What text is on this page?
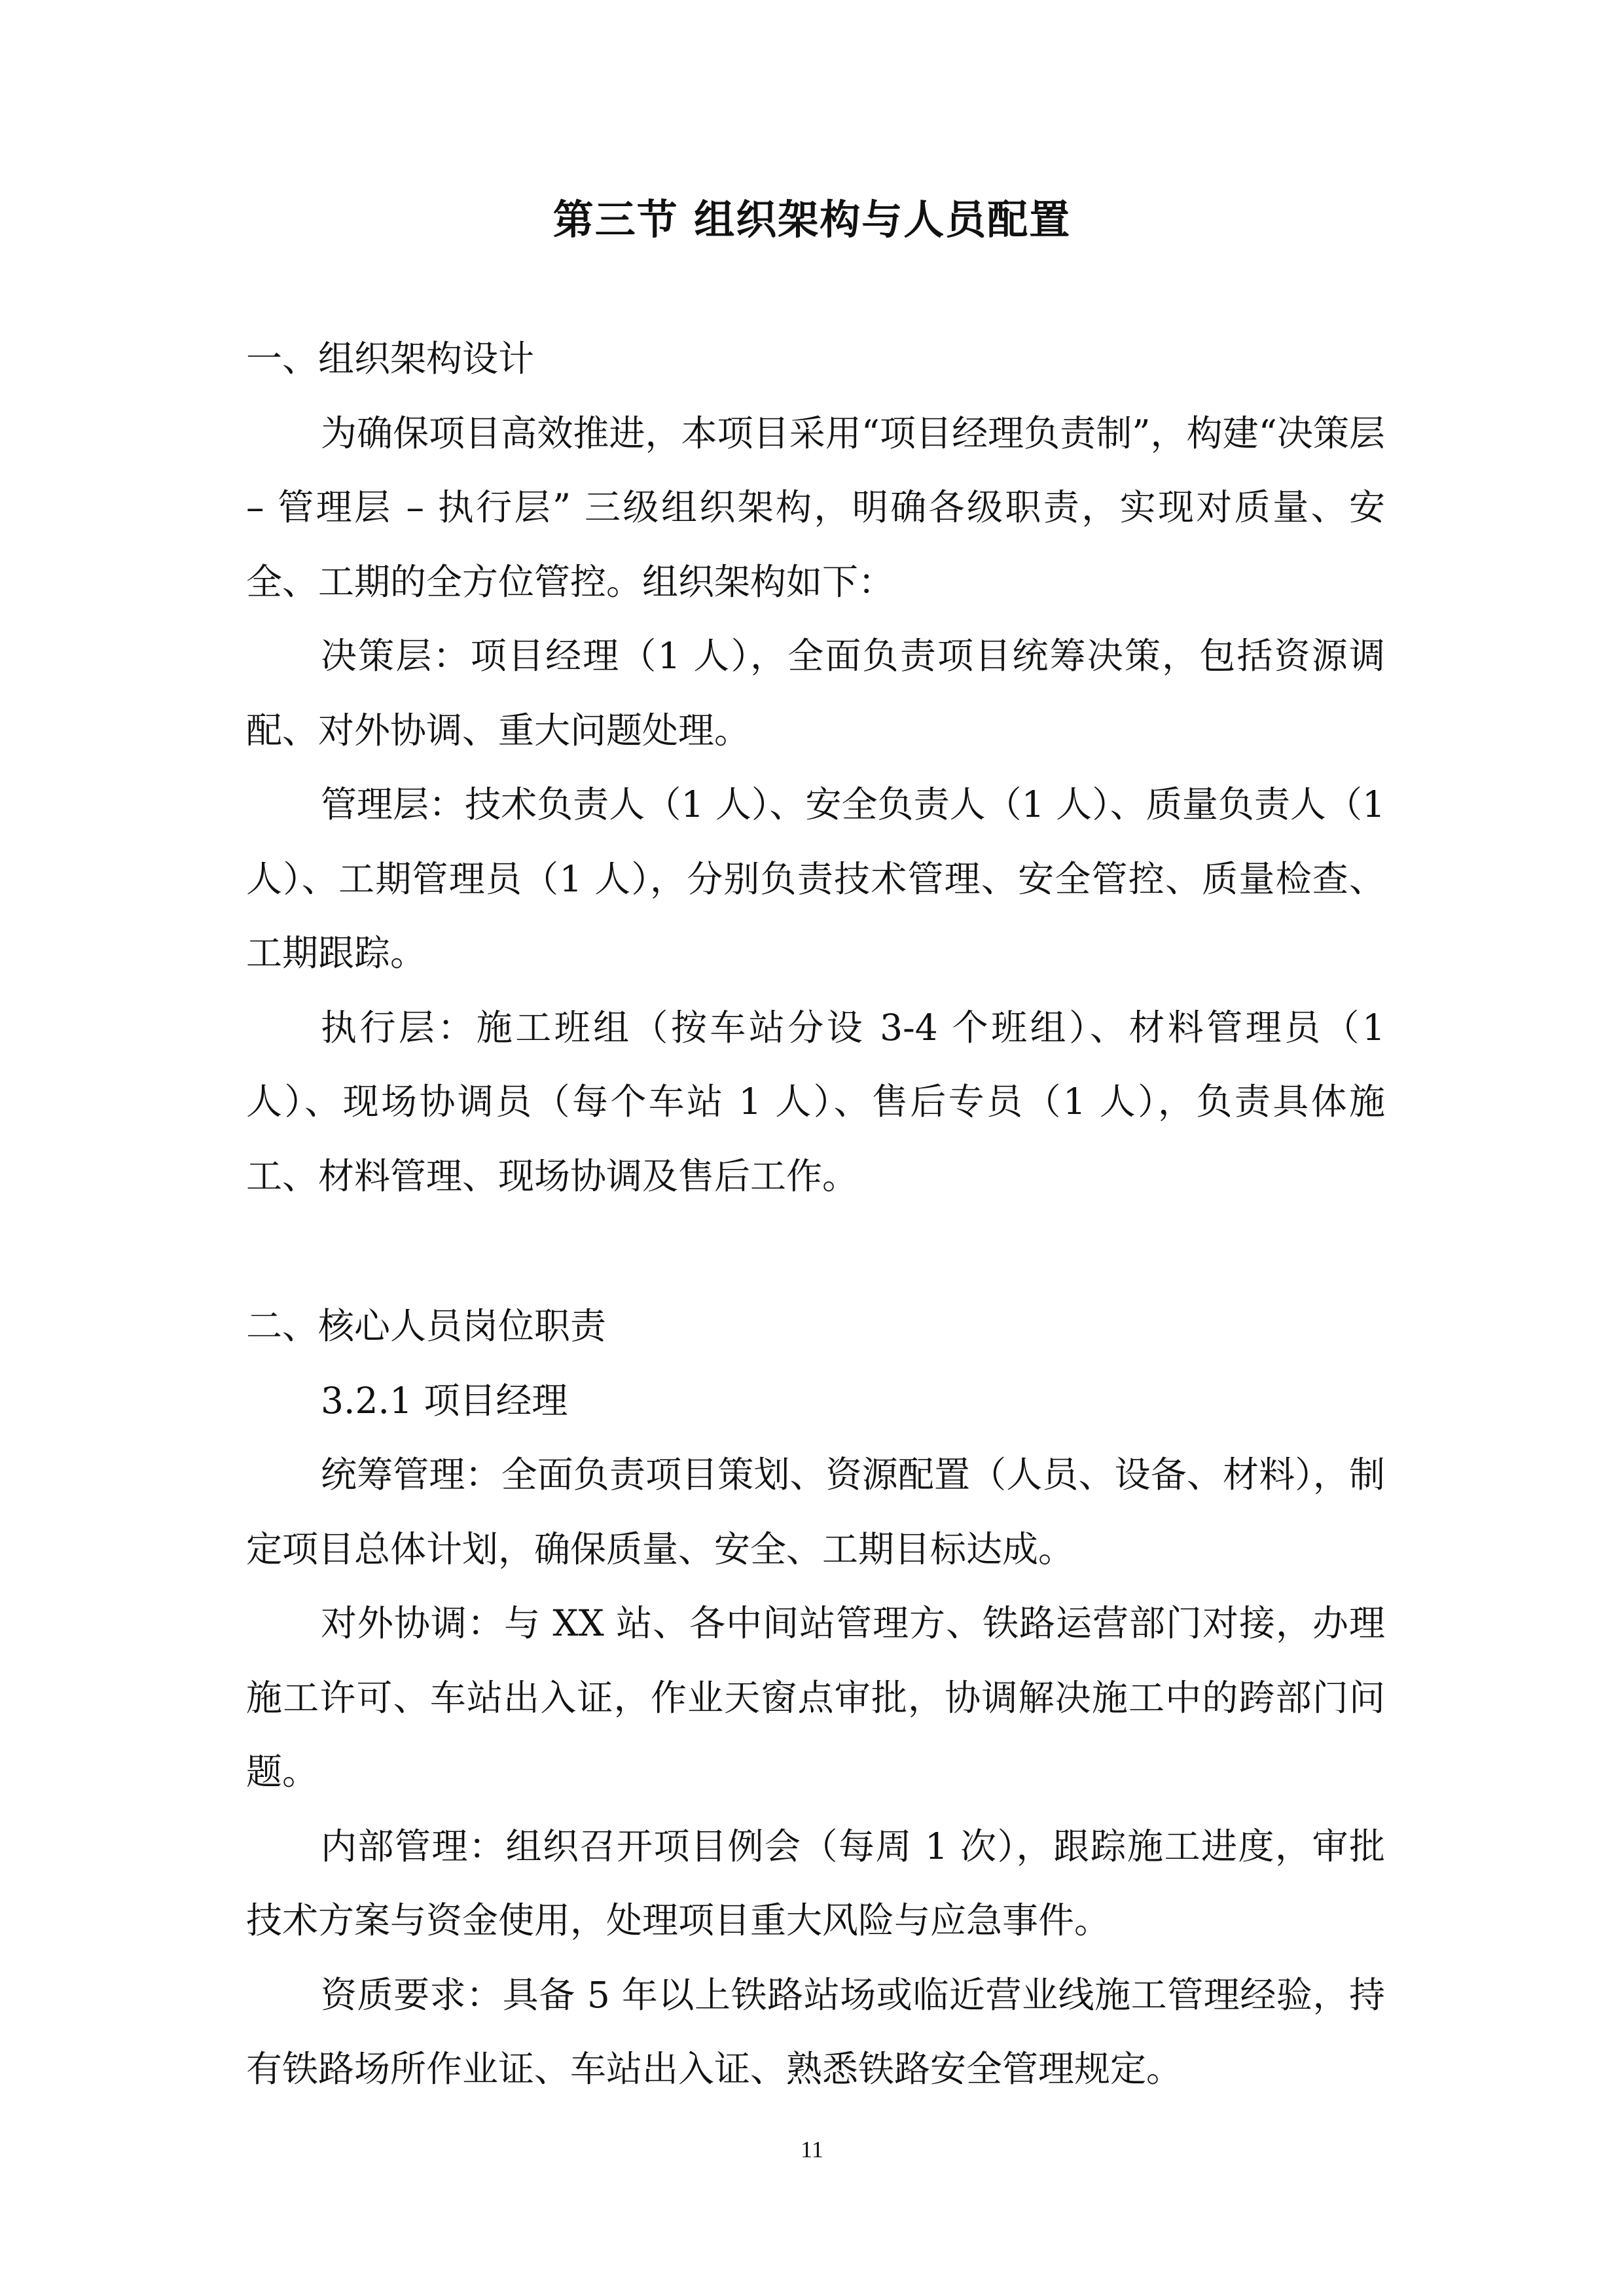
第三节 组织架构与人员配置

一、组织架构设计

为确保项目高效推进，本项目采用“项目经理负责制”，构建“决策层 – 管理层 – 执行层” 三级组织架构，明确各级职责，实现对质量、安全、工期的全方位管控。组织架构如下：

决策层：项目经理（1 人），全面负责项目统筹决策，包括资源调配、对外协调、重大问题处理。

管理层：技术负责人（1 人）、安全负责人（1 人）、质量负责人（1 人）、工期管理员（1 人），分别负责技术管理、安全管控、质量检查、工期跟踪。

执行层：施工班组（按车站分设 3-4 个班组）、材料管理员（1 人）、现场协调员（每个车站 1 人）、售后专员（1 人），负责具体施工、材料管理、现场协调及售后工作。

二、核心人员岗位职责

3.2.1 项目经理

统筹管理：全面负责项目策划、资源配置（人员、设备、材料），制定项目总体计划，确保质量、安全、工期目标达成。

对外协调：与 XX 站、各中间站管理方、铁路运营部门对接，办理施工许可、车站出入证，作业天窗点审批，协调解决施工中的跨部门问题。

内部管理：组织召开项目例会（每周 1 次），跟踪施工进度，审批技术方案与资金使用，处理项目重大风险与应急事件。

资质要求：具备 5 年以上铁路站场或临近营业线施工管理经验，持有铁路场所作业证、车站出入证、熟悉铁路安全管理规定。

11
